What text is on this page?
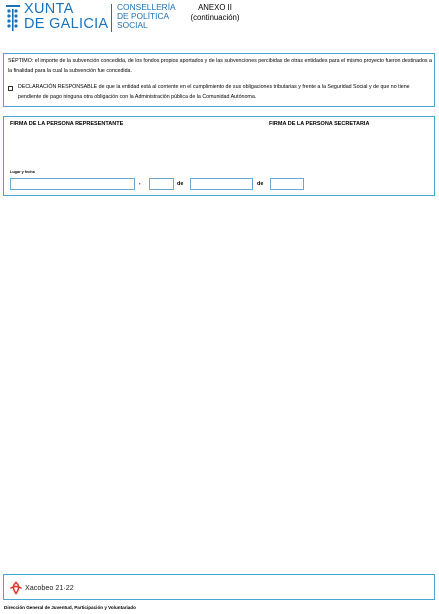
XUNTA
DE GALICIA
CONSELLERÍA
DE POLÍTICA
SOCIAL
ANEXO II
(continuación)
SÉPTIMO: el importe de la subvención concedida, de los fondos propios aportados y de las subvenciones percibidas de otras entidades para el mismo proyecto fueron destinados a la finalidad para la cual la subvención fue concedida.
DECLARACIÓN RESPONSABLE de que la entidad está al corriente en el cumplimiento de sus obligaciones tributarias y frente a la Seguridad Social y de que no tiene pendiente de pago ninguna otra obligación con la Administración pública de la Comunidad Autónoma.
FIRMA DE LA PERSONA REPRESENTANTE	FIRMA DE LA PERSONA SECRETARIA
Lugar y fecha
,	de	de
Xacobeo 21·22
Dirección General de Juventud, Participación y Voluntariado
